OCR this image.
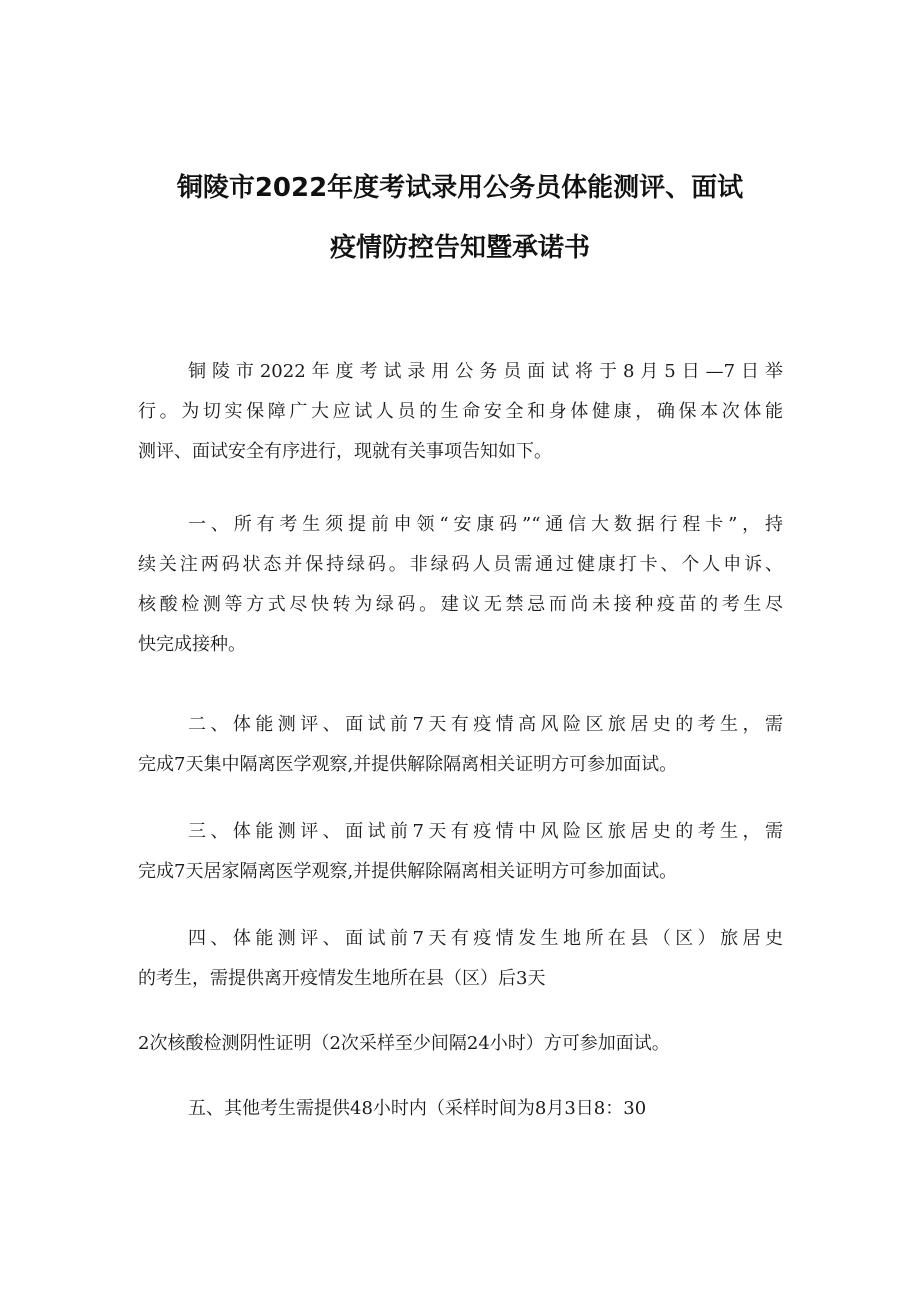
铜陵市2022年度考试录用公务员体能测评、面试
疫情防控告知暨承诺书
铜陵市2022年度考试录用公务员面试将于8月5日—7日举
行。为切实保障广大应试人员的生命安全和身体健康，确保本次体能
测评、面试安全有序进行，现就有关事项告知如下。
一、所有考生须提前申领“安康码”“通信大数据行程卡”，持
续关注两码状态并保持绿码。非绿码人员需通过健康打卡、个人申诉、
核酸检测等方式尽快转为绿码。建议无禁忌而尚未接种疫苗的考生尽
快完成接种。
二、体能测评、面试前7天有疫情高风险区旅居史的考生，需
完成7天集中隔离医学观察,并提供解除隔离相关证明方可参加面试。
三、体能测评、面试前7天有疫情中风险区旅居史的考生，需
完成7天居家隔离医学观察,并提供解除隔离相关证明方可参加面试。
四、体能测评、面试前7天有疫情发生地所在县（区）旅居史
的考生，需提供离开疫情发生地所在县（区）后3天
2次核酸检测阴性证明（2次采样至少间隔24小时）方可参加面试。
五、其他考生需提供48小时内（采样时间为8月3日8：30
